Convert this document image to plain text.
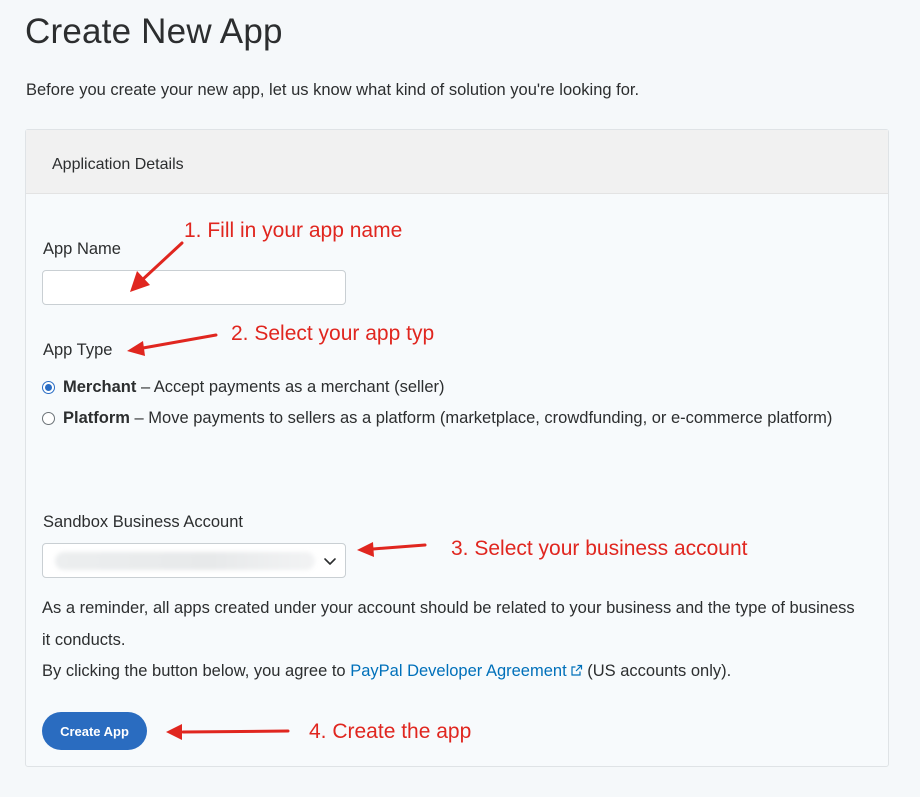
Create New App

Before you create your new app, let us know what kind of solution you're looking for.

Application Details
App Name
App Type
Merchant – Accept payments as a merchant (seller)
Platform – Move payments to sellers as a platform (marketplace, crowdfunding, or e-commerce platform)
Sandbox Business Account

As a reminder, all apps created under your account should be related to your business and the type of business it conducts.

By clicking the button below, you agree to PayPal Developer Agreement (US accounts only).

Create App
1. Fill in your app name
2. Select your app typ
3. Select your business account
4. Create the app
